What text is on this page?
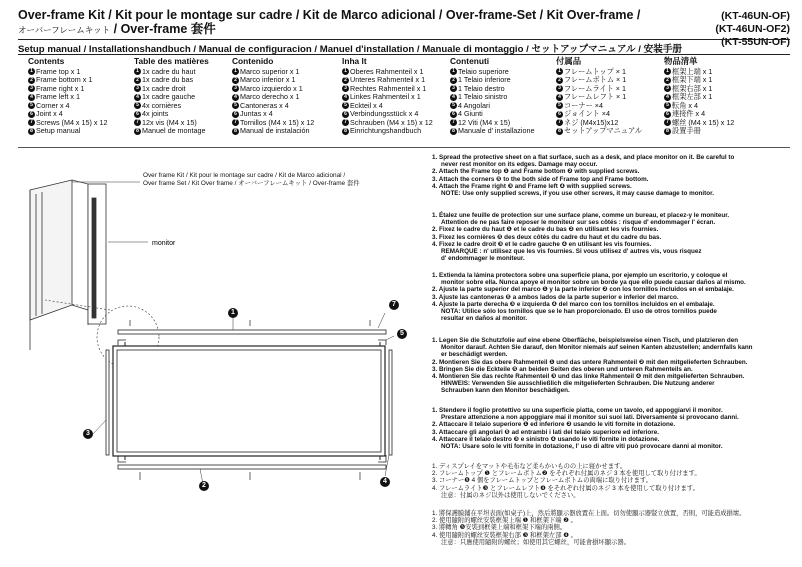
Over-frame Kit / Kit pour le montage sur cadre / Kit de Marco adicional / Over-frame-Set / Kit Over-frame /
オーバーフレームキット / Over-frame 套件
(KT-46UN-OF)
(KT-46UN-OF2)
(KT-55UN-OF)
Setup manual / Installationshandbuch / Manual de configuracion / Manuel d'installation / Manuale di montaggio / セットアップマニュアル / 安装手册
Contents
1 Frame top x 1
2 Frame bottom x 1
3 Frame right x 1
4 Frame left x 1
5 Corner x 4
6 Joint x 4
7 Screws (M4 x 15) x 12
8 Setup manual
Table des matières
1 1x cadre du haut
2 1x cadre du bas
3 1x cadre droit
4 1x cadre gauche
5 4x cornières
6 4x joints
7 12x vis (M4 x 15)
8 Manuel de montage
Contenido
1 Marco superior x 1
2 Marco inferior x 1
3 Marco izquierdo x 1
4 Marco derecho x 1
5 Cantoneras x 4
6 Juntas x 4
7 Tornillos (M4 x 15) x 12
8 Manual de instalación
Inha lt
1 Oberes Rahmenteil x 1
2 Unteres Rahmenteil x 1
3 Rechtes Rahmenteil x 1
4 Linkes Rahmenteil x 1
5 Eckteil x 4
6 Verbindungsstück x 4
7 Schrauben (M4 x 15) x 12
8 Einrichtungshandbuch
Contenuti
1 Telaio superiore
2 1 Telaio inferiore
3 1 Telaio destro
4 1 Telaio sinistro
5 4 Angolari
6 4 Giunti
7 12 Viti (M4 x 15)
8 Manuale d' installazione
付属品
1 フレームトップ × 1
2 フレームボトム × 1
3 フレームライト × 1
4 フレームレフト × 1
5 コーナー ×4
6 ジョイント ×4
7 ネジ (M4x15)x12
8 セットアップマニュアル
物品清单
1 框架上端 x 1
2 框架下端 x 1
3 框架右部 x 1
4 框架左部 x 1
5 転角 x 4
6 連接件 x 4
7 螺丝 (M4 x 15) x 12
8 設置手冊
Over frame Kit / Kit pour le montage sur cadre / Kit de Marco adicional /
Over frame Set / Kit Over frame / オーバーフレームキット / Over-frame 套件
monitor
1
7
5
3
2
4

1. Spread the protective sheet on a flat surface, such as a desk, and place monitor on it. Be careful to

never rest monitor on its edges. Damage may occur.

2. Attach the Frame top ❶ and Frame bottom ❷ with supplied screws.

3. Attach the corners ❺ to the both side of Frame top and Frame bottom.

4. Attach the Frame right ❸ and Frame left ❹ with supplied screws.

NOTE: Use only supplied screws, if you use other screws, it may cause damage to monitor.

1. Étalez une feuille de protection sur une surface plane, comme un bureau, et placez-y le moniteur.

Attention de ne pas faire reposer le moniteur sur ses côtés : risque d' endommager l' écran.

2. Fixez le cadre du haut ❶ et le cadre du bas ❷ en utilisant les vis fournies.

3. Fixez les cornières ❺ des deux côtés du cadre du haut et du cadre du bas.

4. Fixez le cadre droit ❸ et le cadre gauche ❹ en utilisant les vis fournies.

REMARQUE : n' utilisez que les vis fournies. Si vous utilisez d' autres vis, vous risquez

d' endommager le moniteur.

1. Extienda la lámina protectora sobre una superficie plana, por ejemplo un escritorio, y coloque el

monitor sobre ella. Nunca apoye el monitor sobre un borde ya que ello puede causar daños al mismo.

2. Ajuste la parte superior del marco ❶ y la parte inferior ❷ con los tornillos incluidos en el embalaje.

3. Ajuste las cantoneras ❺ a ambos lados de la parte superior e inferior del marco.

4. Ajuste la parte derecha ❸ e izquierda ❹ del marco con los tornillos incluidos en el embalaje.

NOTA: Utilice sólo los tornillos que se le han proporcionado. El uso de otros tornillos puede

resultar en daños al monitor.

1. Legen Sie die Schutzfolie auf eine ebene Oberfläche, beispielsweise einen Tisch, und platzieren den

Monitor darauf. Achten Sie darauf, den Monitor niemals auf seinen Kanten abzustellen; andernfalls kann

er beschädigt werden.

2. Montieren Sie das obere Rahmenteil ❶ und das untere Rahmenteil ❷ mit den mitgelieferten Schrauben.

3. Bringen Sie die Eckteile ❺ an beiden Seiten des oberen und unteren Rahmenteils an.

4. Montieren Sie das rechte Rahmenteil ❸ und das linke Rahmenteil ❹ mit den mitgelieferten Schrauben.

HINWEIS: Verwenden Sie ausschließlich die mitgelieferten Schrauben. Die Nutzung anderer

Schrauben kann den Monitor beschädigen.

1. Stendere il foglio protettivo su una superficie piatta, come un tavolo, ed appoggiarvi il monitor.

Prestare attenzione a non appoggiare mai il monitor sui suoi lati. Diversamente si provocano danni.

2. Attaccare il telaio superiore ❶ ed inferiore ❷ usando le viti fornite in dotazione.

3. Attaccare gli angolari ❺ ad entrambi i lati del telaio superiore ed inferiore.

4. Attaccare il telaio destro ❸ e sinistro ❹ usando le viti fornite in dotazione.

NOTA: Usare solo le viti fornite in dotazione, l' uso di altre viti può provocare danni al monitor.

1. ディスプレイをマットや毛布など柔らかいものの上に寝かせます。

2. フレームトップ ❶ とフレームボトム❷ をそれぞれ付属のネジ 3 本を使用して取り付けます。

3. コーナー❺ 4 個をフレームトップとフレームボトムの両端に取り付けます。

4. フレームライト❸ とフレームレフト❹ をそれぞれ付属のネジ 3 本を使用して取り付けます。

注意：付属のネジ以外は使用しないでください。

1. 將保護膜鋪在平坦表面(如桌子)上，然后將顯示器放置在上面。切勿使顯示器豎立放置，否則，可能造成損壞。

2. 使用隨附的螺丝安裝框架上端 ❶ 和框架下端 ❷ 。

3. 將轉角 ❺安裝到框架上端和框架下端的兩側。

4. 使用隨附的螺丝安裝框架右部 ❸ 和框架左部 ❹ 。

注意：只應使用隨附的螺丝；如使用其它螺丝，可能會損坏顯示器。
